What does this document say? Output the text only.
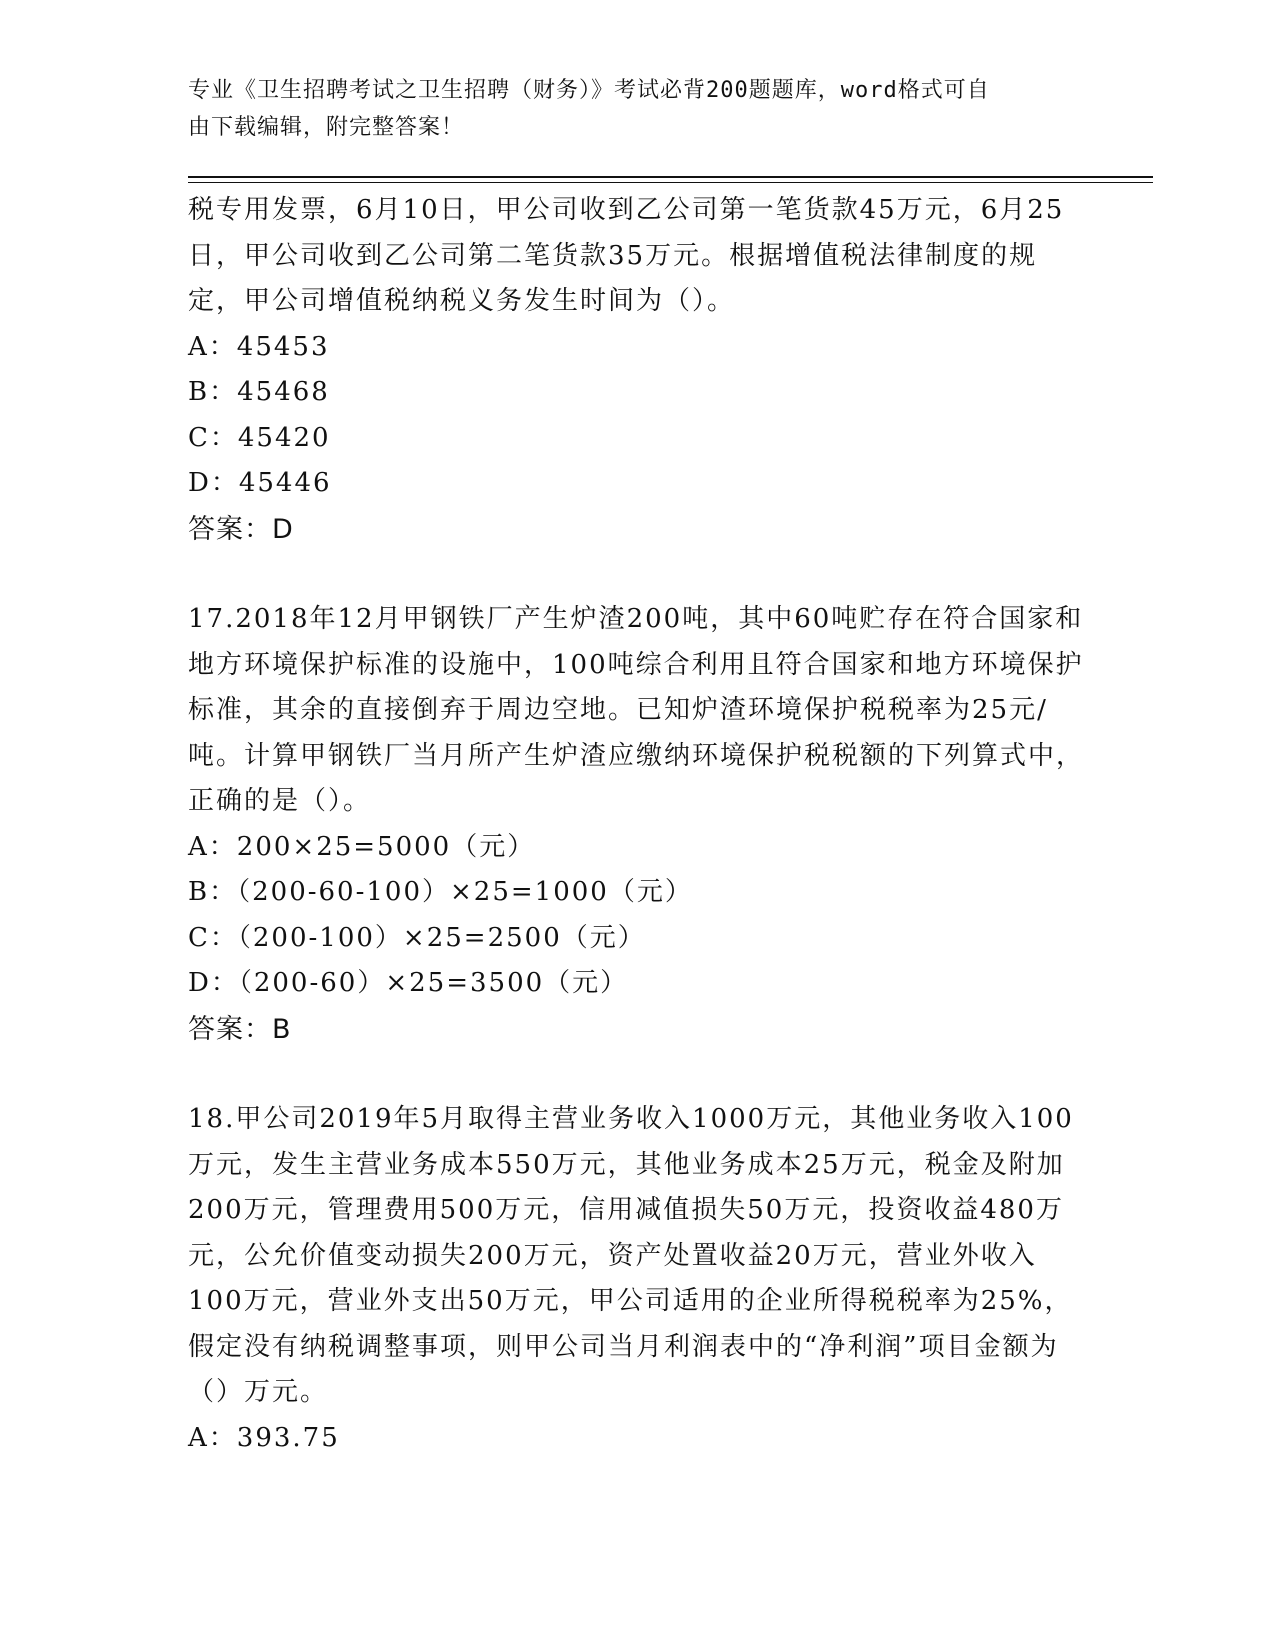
专业《卫生招聘考试之卫生招聘（财务）》考试必背200题题库，word格式可自
由下载编辑，附完整答案！

税专用发票，6月10日，甲公司收到乙公司第一笔货款45万元，6月25日，甲公司收到乙公司第二笔货款35万元。根据增值税法律制度的规定，甲公司增值税纳税义务发生时间为（）。

A：45453

B：45468

C：45420

D：45446

答案：D

17.2018年12月甲钢铁厂产生炉渣200吨，其中60吨贮存在符合国家和地方环境保护标准的设施中，100吨综合利用且符合国家和地方环境保护标准，其余的直接倒弃于周边空地。已知炉渣环境保护税税率为25元/吨。计算甲钢铁厂当月所产生炉渣应缴纳环境保护税税额的下列算式中，正确的是（）。

A：200×25=5000（元）

B：（200-60-100）×25=1000（元）

C：（200-100）×25=2500（元）

D：（200-60）×25=3500（元）

答案：B

18.甲公司2019年5月取得主营业务收入1000万元，其他业务收入100万元，发生主营业务成本550万元，其他业务成本25万元，税金及附加200万元，管理费用500万元，信用减值损失50万元，投资收益480万元，公允价值变动损失200万元，资产处置收益20万元，营业外收入100万元，营业外支出50万元，甲公司适用的企业所得税税率为25%，假定没有纳税调整事项，则甲公司当月利润表中的“净利润”项目金额为（）万元。

A：393.75
